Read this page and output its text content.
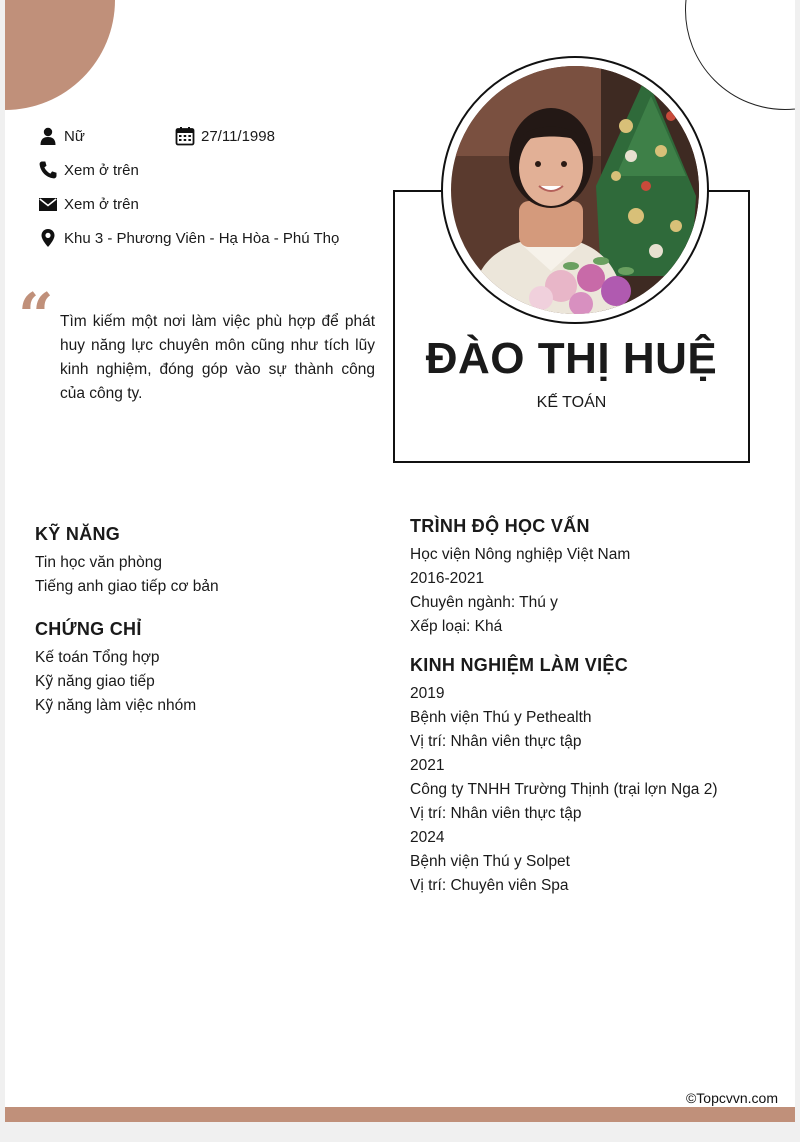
Nữ	27/11/1998
Xem ở trên
Xem ở trên
Khu 3 - Phương Viên - Hạ Hòa - Phú Thọ
“ Tìm kiếm một nơi làm việc phù hợp để phát huy năng lực chuyên môn cũng như tích lũy kinh nghiệm, đóng góp vào sự thành công của công ty.

ĐÀO THỊ HUỆ
KẾ TOÁN
KỸ NĂNG

Tin học văn phòng

Tiếng anh giao tiếp cơ bản

CHỨNG CHỈ

Kế toán Tổng hợp

Kỹ năng giao tiếp

Kỹ năng làm việc nhóm

TRÌNH ĐỘ HỌC VẤN

Học viện Nông nghiệp Việt Nam

2016-2021

Chuyên ngành: Thú y

Xếp loại: Khá

KINH NGHIỆM LÀM VIỆC

2019

Bệnh viện Thú y Pethealth

Vị trí: Nhân viên thực tập

2021

Công ty TNHH Trường Thịnh (trại lợn Nga 2)

Vị trí: Nhân viên thực tập

2024

Bệnh viện Thú y Solpet

Vị trí: Chuyên viên Spa

©Topcvvn.com
